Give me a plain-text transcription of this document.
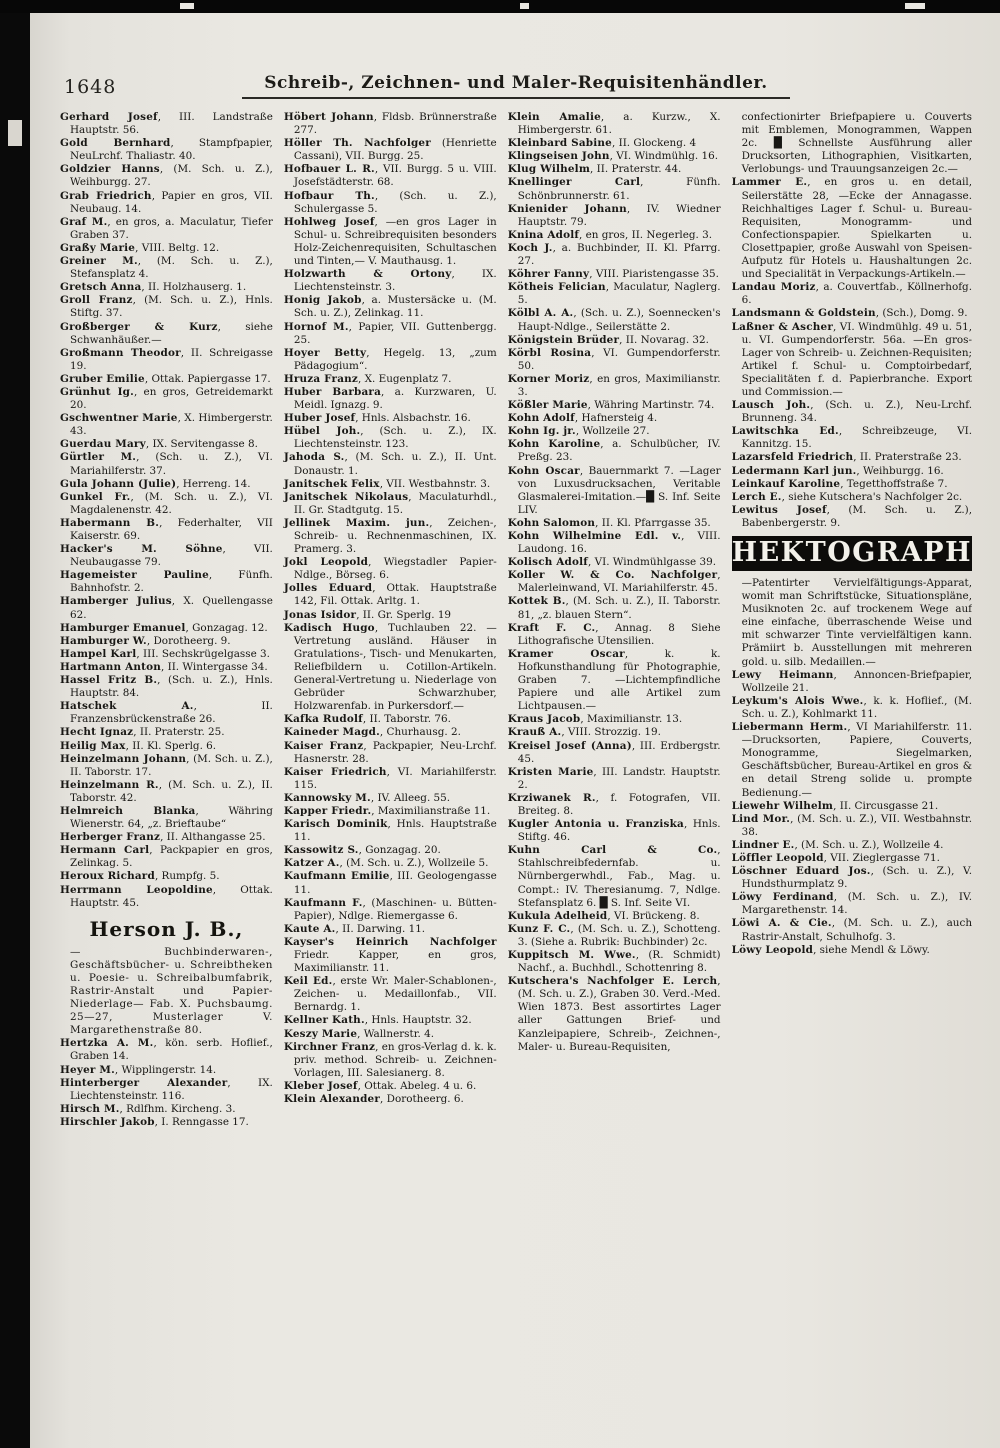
1648	Schreib-, Zeichnen- und Maler-Requisitenhändler.
Gerhard Josef, III. Landstraße Hauptstr. 56.
Gold Bernhard, Stampfpapier, NeuLrchf. Thaliastr. 40.
Goldzier Hanns, (M. Sch. u. Z.), Weihburgg. 27.
Grab Friedrich, Papier en gros, VII. Neubaug. 14.
Graf M., en gros, a. Maculatur, Tiefer Graben 37.
Graßy Marie, VIII. Beltg. 12.
Greiner M., (M. Sch. u. Z.), Stefansplatz 4.
Gretsch Anna, II. Holzhauserg. 1.
Groll Franz, (M. Sch. u. Z.), Hnls. Stiftg. 37.
Großberger & Kurz, siehe Schwanhäußer.—
Großmann Theodor, II. Schreigasse 19.
Gruber Emilie, Ottak. Papiergasse 17.
Grünhut Ig., en gros, Getreidemarkt 20.
Gschwentner Marie, X. Himbergerstr. 43.
Guerdau Mary, IX. Servitengasse 8.
Gürtler M., (Sch. u. Z.), VI. Mariahilferstr. 37.
Gula Johann (Julie), Herreng. 14.
Gunkel Fr., (M. Sch. u. Z.), VI. Magdalenenstr. 42.
Habermann B., Federhalter, VII Kaiserstr. 69.
Hacker's M. Söhne, VII. Neubaugasse 79.
Hagemeister Pauline, Fünfh. Bahnhofstr. 2.
Hamberger Julius, X. Quellengasse 62.
Hamburger Emanuel, Gonzagag. 12.
Hamburger W., Dorotheerg. 9.
Hampel Karl, III. Sechskrügelgasse 3.
Hartmann Anton, II. Wintergasse 34.
Hassel Fritz B., (Sch. u. Z.), Hnls. Hauptstr. 84.
Hatschek A., II. Franzensbrückenstraße 26.
Hecht Ignaz, II. Praterstr. 25.
Heilig Max, II. Kl. Sperlg. 6.
Heinzelmann Johann, (M. Sch. u. Z.), II. Taborstr. 17.
Heinzelmann R., (M. Sch. u. Z.), II. Taborstr. 42.
Helmreich Blanka, Währing Wienerstr. 64, „z. Brieftaube“
Herberger Franz, II. Althangasse 25.
Hermann Carl, Packpapier en gros, Zelinkag. 5.
Heroux Richard, Rumpfg. 5.
Herrmann Leopoldine, Ottak. Hauptstr. 45.
Herson J. B.,
— Buchbinderwaren-, Geschäftsbücher- u. Schreibtheken u. Poesie- u. Schreibalbumfabrik, Rastrir-Anstalt und Papier-Niederlage— Fab. X. Puchsbaumg. 25—27, Musterlager V. Margarethenstraße 80.
Hertzka A. M., kön. serb. Hoflief., Graben 14.
Heyer M., Wipplingerstr. 14.
Hinterberger Alexander, IX. Liechtensteinstr. 116.
Hirsch M., Rdlfhm. Kircheng. 3.
Hirschler Jakob, I. Renngasse 17.
Höbert Johann, Fldsb. Brünnerstraße 277.
Höller Th. Nachfolger (Henriette Cassani), VII. Burgg. 25.
Hofbauer L. R., VII. Burgg. 5 u. VIII. Josefstädterstr. 68.
Hofbaur Th., (Sch. u. Z.), Schulergasse 5.
Hohlweg Josef, —en gros Lager in Schul- u. Schreibrequisiten besonders Holz-Zeichenrequisiten, Schultaschen und Tinten,— V. Mauthausg. 1.
Holzwarth & Ortony, IX. Liechtensteinstr. 3.
Honig Jakob, a. Mustersäcke u. (M. Sch. u. Z.), Zelinkag. 11.
Hornof M., Papier, VII. Guttenbergg. 25.
Hoyer Betty, Hegelg. 13, „zum Pädagogium“.
Hruza Franz, X. Eugenplatz 7.
Huber Barbara, a. Kurzwaren, U. Meidl. Ignazg. 9.
Huber Josef, Hnls. Alsbachstr. 16.
Hübel Joh., (Sch. u. Z.), IX. Liechtensteinstr. 123.
Jahoda S., (M. Sch. u. Z.), II. Unt. Donaustr. 1.
Janitschek Felix, VII. Westbahnstr. 3.
Janitschek Nikolaus, Maculaturhdl., II. Gr. Stadtgutg. 15.
Jellinek Maxim. jun., Zeichen-, Schreib- u. Rechnenmaschinen, IX. Pramerg. 3.
Jokl Leopold, Wiegstadler Papier-Ndlge., Börseg. 6.
Jolles Eduard, Ottak. Hauptstraße 142, Fil. Ottak. Arltg. 1.
Jonas Isidor, II. Gr. Sperlg. 19
Kadisch Hugo, Tuchlauben 22. — Vertretung ausländ. Häuser in Gratulations-, Tisch- und Menukarten, Reliefbildern u. Cotillon-Artikeln. General-Vertretung u. Niederlage von Gebrüder Schwarzhuber, Holzwarenfab. in Purkersdorf.—
Kafka Rudolf, II. Taborstr. 76.
Kaineder Magd., Churhausg. 2.
Kaiser Franz, Packpapier, Neu-Lrchf. Hasnerstr. 28.
Kaiser Friedrich, VI. Mariahilferstr. 115.
Kannowsky M., IV. Alleeg. 55.
Kapper Friedr., Maximilianstraße 11.
Karisch Dominik, Hnls. Hauptstraße 11.
Kassowitz S., Gonzagag. 20.
Katzer A., (M. Sch. u. Z.), Wollzeile 5.
Kaufmann Emilie, III. Geologengasse 11.
Kaufmann F., (Maschinen- u. Bütten-Papier), Ndlge. Riemergasse 6.
Kaute A., II. Darwing. 11.
Kayser's Heinrich Nachfolger Friedr. Kapper, en gros, Maximilianstr. 11.
Keil Ed., erste Wr. Maler-Schablonen-, Zeichen- u. Medaillonfab., VII. Bernardg. 1.
Kellner Kath., Hnls. Hauptstr. 32.
Keszy Marie, Wallnerstr. 4.
Kirchner Franz, en gros-Verlag d. k. k. priv. method. Schreib- u. Zeichnen-Vorlagen, III. Salesianerg. 8.
Kleber Josef, Ottak. Abeleg. 4 u. 6.
Klein Alexander, Dorotheerg. 6.
Klein Amalie, a. Kurzw., X. Himbergerstr. 61.
Kleinbard Sabine, II. Glockeng. 4
Klingseisen John, VI. Windmühlg. 16.
Klug Wilhelm, II. Praterstr. 44.
Knellinger Carl, Fünfh. Schönbrunnerstr. 61.
Knienider Johann, IV. Wiedner Hauptstr. 79.
Knina Adolf, en gros, II. Negerleg. 3.
Koch J., a. Buchbinder, II. Kl. Pfarrg. 27.
Köhrer Fanny, VIII. Piaristengasse 35.
Kötheis Felician, Maculatur, Naglerg. 5.
Kölbl A. A., (Sch. u. Z.), Soennecken's Haupt-Ndlge., Seilerstätte 2.
Königstein Brüder, II. Novarag. 32.
Körbl Rosina, VI. Gumpendorferstr. 50.
Korner Moriz, en gros, Maximilianstr. 3.
Kößler Marie, Währing Martinstr. 74.
Kohn Adolf, Hafnersteig 4.
Kohn Ig. jr., Wollzeile 27.
Kohn Karoline, a. Schulbücher, IV. Preßg. 23.
Kohn Oscar, Bauernmarkt 7. —Lager von Luxusdrucksachen, Veritable Glasmalerei-Imitation.—█ S. Inf. Seite LIV.
Kohn Salomon, II. Kl. Pfarrgasse 35.
Kohn Wilhelmine Edl. v., VIII. Laudong. 16.
Kolisch Adolf, VI. Windmühlgasse 39.
Koller W. & Co. Nachfolger, Malerleinwand, VI. Mariahilferstr. 45.
Kottek B., (M. Sch. u. Z.), II. Taborstr. 81, „z. blauen Stern“.
Kraft F. C., Annag. 8 Siehe Lithografische Utensilien.
Kramer Oscar, k. k. Hofkunsthandlung für Photographie, Graben 7. —Lichtempfindliche Papiere und alle Artikel zum Lichtpausen.—
Kraus Jacob, Maximilianstr. 13.
Krauß A., VIII. Strozzig. 19.
Kreisel Josef (Anna), III. Erdbergstr. 45.
Kristen Marie, III. Landstr. Hauptstr. 2.
Krziwanek R., f. Fotografen, VII. Breiteg. 8.
Kugler Antonia u. Franziska, Hnls. Stiftg. 46.
Kuhn Carl & Co., Stahlschreibfedernfab. u. Nürnbergerwhdl., Fab., Mag. u. Compt.: IV. Theresianumg. 7, Ndlge. Stefansplatz 6. █ S. Inf. Seite VI.
Kukula Adelheid, VI. Brückeng. 8.
Kunz F. C., (M. Sch. u. Z.), Schotteng. 3. (Siehe a. Rubrik: Buchbinder) 2c.
Kuppitsch M. Wwe., (R. Schmidt) Nachf., a. Buchhdl., Schottenring 8.
Kutschera's Nachfolger E. Lerch, (M. Sch. u. Z.), Graben 30. Verd.-Med. Wien 1873. Best assortirtes Lager aller Gattungen Brief- und Kanzleipapiere, Schreib-, Zeichnen-, Maler- u. Bureau-Requisiten,
confectionirter Briefpapiere u. Couverts mit Emblemen, Monogrammen, Wappen 2c. █ Schnellste Ausführung aller Drucksorten, Lithographien, Visitkarten, Verlobungs- und Trauungsanzeigen 2c.—
Lammer E., en gros u. en detail, Seilerstätte 28, —Ecke der Annagasse. Reichhaltiges Lager f. Schul- u. Bureau-Requisiten, Monogramm- und Confectionspapier. Spielkarten u. Closettpapier, große Auswahl von Speisen-Aufputz für Hotels u. Haushaltungen 2c. und Specialität in Verpackungs-Artikeln.—
Landau Moriz, a. Couvertfab., Köllnerhofg. 6.
Landsmann & Goldstein, (Sch.), Domg. 9.
Laßner & Ascher, VI. Windmühlg. 49 u. 51, u. VI. Gumpendorferstr. 56a. —En gros-Lager von Schreib- u. Zeichnen-Requisiten; Artikel f. Schul- u. Comptoirbedarf, Specialitäten f. d. Papierbranche. Export und Commission.—
Lausch Joh., (Sch. u. Z.), Neu-Lrchf. Brunneng. 34.
Lawitschka Ed., Schreibzeuge, VI. Kannitzg. 15.
Lazarsfeld Friedrich, II. Praterstraße 23.
Ledermann Karl jun., Weihburgg. 16.
Leinkauf Karoline, Tegetthoffstraße 7.
Lerch E., siehe Kutschera's Nachfolger 2c.
Lewitus Josef, (M. Sch. u. Z.), Babenbergerstr. 9.
HEKTOGRAPH
—Patentirter Vervielfältigungs-Apparat, womit man Schriftstücke, Situationspläne, Musiknoten 2c. auf trockenem Wege auf eine einfache, überraschende Weise und mit schwarzer Tinte vervielfältigen kann. Prämiirt b. Ausstellungen mit mehreren gold. u. silb. Medaillen.—
Lewy Heimann, Annoncen-Briefpapier, Wollzeile 21.
Leykum's Alois Wwe., k. k. Hoflief., (M. Sch. u. Z.), Kohlmarkt 11.
Liebermann Herm., VI Mariahilferstr. 11. —Drucksorten, Papiere, Couverts, Monogramme, Siegelmarken, Geschäftsbücher, Bureau-Artikel en gros & en detail Streng solide u. prompte Bedienung.—
Liewehr Wilhelm, II. Circusgasse 21.
Lind Mor., (M. Sch. u. Z.), VII. Westbahnstr. 38.
Lindner E., (M. Sch. u. Z.), Wollzeile 4.
Löffler Leopold, VII. Zieglergasse 71.
Löschner Eduard Jos., (Sch. u. Z.), V. Hundsthurmplatz 9.
Löwy Ferdinand, (M. Sch. u. Z.), IV. Margarethenstr. 14.
Löwi A. & Cie., (M. Sch. u. Z.), auch Rastrir-Anstalt, Schulhofg. 3.
Löwy Leopold, siehe Mendl & Löwy.
